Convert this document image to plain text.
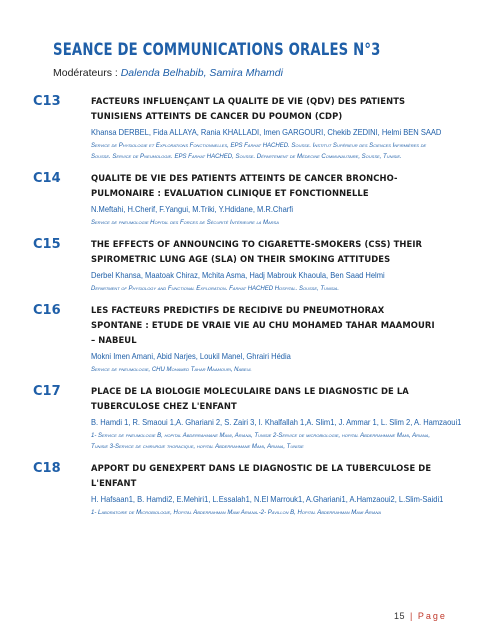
SEANCE DE COMMUNICATIONS ORALES N°3
Modérateurs : Dalenda Belhabib, Samira Mhamdi
C13	FACTEURS INFLUENÇANT LA QUALITE DE VIE (QDV) DES PATIENTS TUNISIENS ATTEINTS DE CANCER DU POUMON (CDP)
Khansa DERBEL, Fida ALLAYA, Rania KHALLADI, Imen GARGOURI, Chekib ZEDINI, Helmi BEN SAAD
Service de Physiologie et Explorations Fonctionnelles, EPS Farhat HACHED. Sousse. Institut Supérieur des Sciences Infirmières de Sousse. Service de Pneumologie. EPS Farhat HACHED, Sousse. Département de Médecine Communautaire, Sousse, Tunisie.
C14	QUALITE DE VIE DES PATIENTS ATTEINTS DE CANCER BRONCHO-PULMONAIRE : EVALUATION CLINIQUE ET FONCTIONNELLE
N.Meftahi, H.Cherif, F.Yangui, M.Triki, Y.Hdidane, M.R.Charfi
Service de pneumologie Hopital des Forces de Sécurité Intérieure la Marsa
C15	THE EFFECTS OF ANNOUNCING TO CIGARETTE-SMOKERS (CSS) THEIR SPIROMETRIC LUNG AGE (SLA) ON THEIR SMOKING ATTITUDES
Derbel Khansa, Maatoak Chiraz, Mchita Asma, Hadj Mabrouk Khaoula, Ben Saad Helmi
Department of Physiology and Functional Exploration. Farhat HACHED Hospital. Sousse, Tunisia.
C16	LES FACTEURS PREDICTIFS DE RECIDIVE DU PNEUMOTHORAX SPONTANE : ETUDE DE VRAIE VIE AU CHU MOHAMED TAHAR MAAMOURI – NABEUL
Mokni Imen Amani, Abid Narjes, Loukil Manel, Ghrairi Hédia
Service de pneumologie, CHU Mohamed Tahar Maamouri, Nabeul
C17	PLACE DE LA BIOLOGIE MOLECULAIRE DANS LE DIAGNOSTIC DE LA TUBERCULOSE CHEZ L'ENFANT
B. Hamdi 1, R. Smaoui 1,A. Ghariani 2, S. Zairi 3, I. Khalfallah 1,A. Slim1, J. Ammar 1, L. Slim 2, A. Hamzaoui1
1- Service de pneumologie B, hopital Abderrahmane Mami, Ariana, Tunisie 2-Service de microbiologie, hopital Abderrahmane Mami, Ariana, Tunisie 3-Service de chirurgie thoracique, hopital Abderrahmane Mami, Ariana, Tunisie
C18	APPORT DU GENEXPERT DANS LE DIAGNOSTIC DE LA TUBERCULOSE DE L'ENFANT
H. Hafsaan1, B. Hamdi2, E.Mehiri1, L.Essalah1, N.El Marrouk1, A.Ghariani1, A.Hamzaoui2, L.Slim-Saidi1
1- Laboratoire de Microbiologie, Hopital Abderrahman Mami Ariana.-2- Pavillon B, Hopital Abderrahman Mami Ariana
15 | Page
